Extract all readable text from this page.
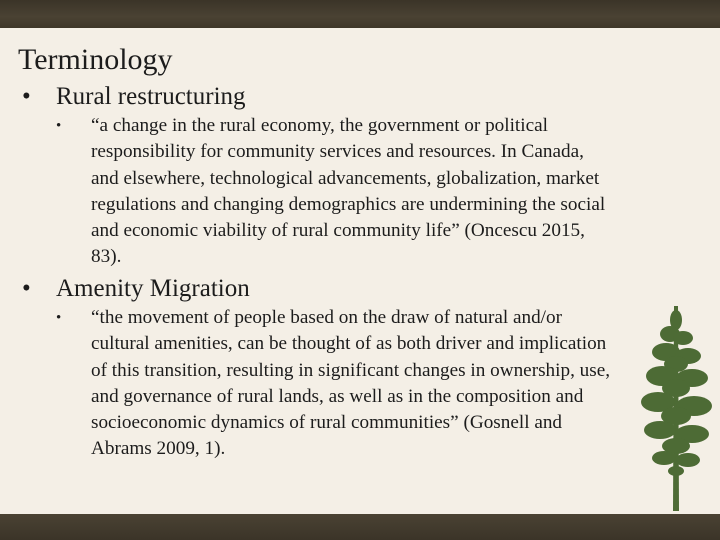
Terminology
• Rural restructuring
• “a change in the rural economy, the government or political responsibility for community services and resources. In Canada, and elsewhere, technological advancements, globalization, market regulations and changing demographics are undermining the social and economic viability of rural community life” (Oncescu 2015, 83).
• Amenity Migration
• “the movement of people based on the draw of natural and/or cultural amenities, can be thought of as both driver and implication of this transition, resulting in significant changes in ownership, use, and governance of rural lands, as well as in the composition and socioeconomic dynamics of rural communities” (Gosnell and Abrams 2009, 1).
